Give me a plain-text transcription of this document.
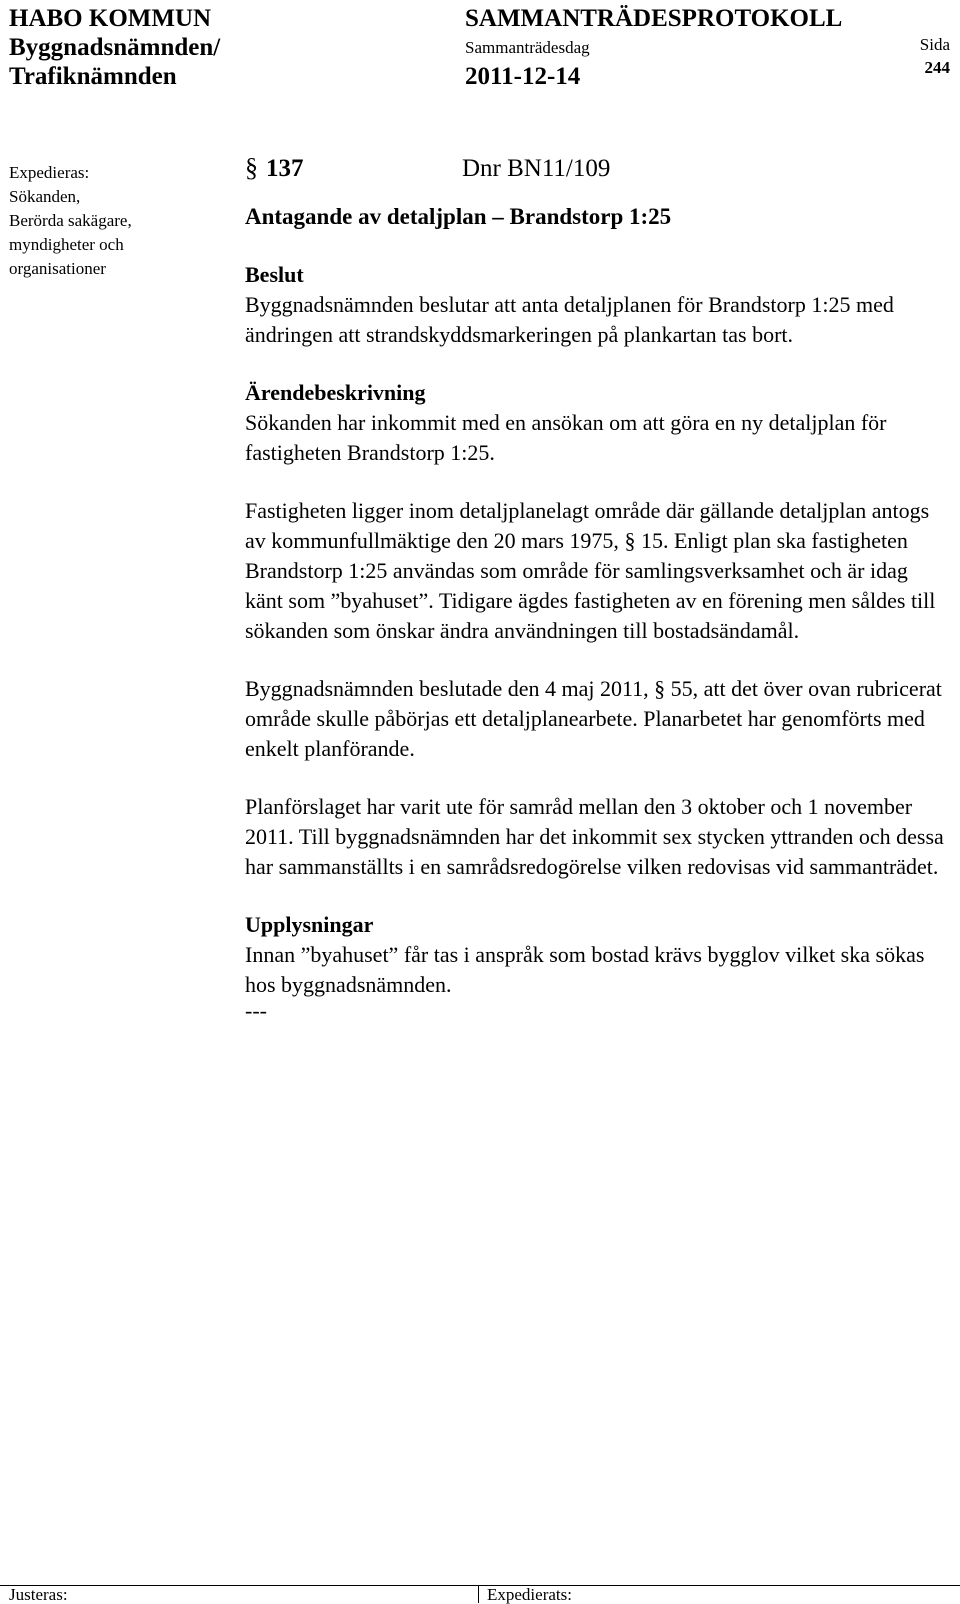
HABO KOMMUN
Byggnadsnämnden/
Trafiknämnden
SAMMANTRÄDESPROTOKOLL
Sammanträdesdag
2011-12-14
Sida
244
Expedieras:
Sökanden,
Berörda sakägare,
myndigheter och
organisationer
§ 137	Dnr BN11/109
Antagande av detaljplan – Brandstorp 1:25
Beslut

Byggnadsnämnden beslutar att anta detaljplanen för Brandstorp 1:25 med ändringen att strandskyddsmarkeringen på plankartan tas bort.

Ärendebeskrivning

Sökanden har inkommit med en ansökan om att göra en ny detaljplan för fastigheten Brandstorp 1:25.

Fastigheten ligger inom detaljplanelagt område där gällande detaljplan antogs av kommunfullmäktige den 20 mars 1975, § 15. Enligt plan ska fastigheten Brandstorp 1:25 användas som område för samlingsverksamhet och är idag känt som ”byahuset”. Tidigare ägdes fastigheten av en förening men såldes till sökanden som önskar ändra användningen till bostadsändamål.

Byggnadsnämnden beslutade den 4 maj 2011, § 55, att det över ovan rubricerat område skulle påbörjas ett detaljplanearbete. Planarbetet har genomförts med enkelt planförande.

Planförslaget har varit ute för samråd mellan den 3 oktober och 1 november 2011. Till byggnadsnämnden har det inkommit sex stycken yttranden och dessa har sammanställts i en samrådsredogörelse vilken redovisas vid sammanträdet.

Upplysningar

Innan ”byahuset” får tas i anspråk som bostad krävs bygglov vilket ska sökas hos byggnadsnämnden.

---
Justeras:	Expedierats:
